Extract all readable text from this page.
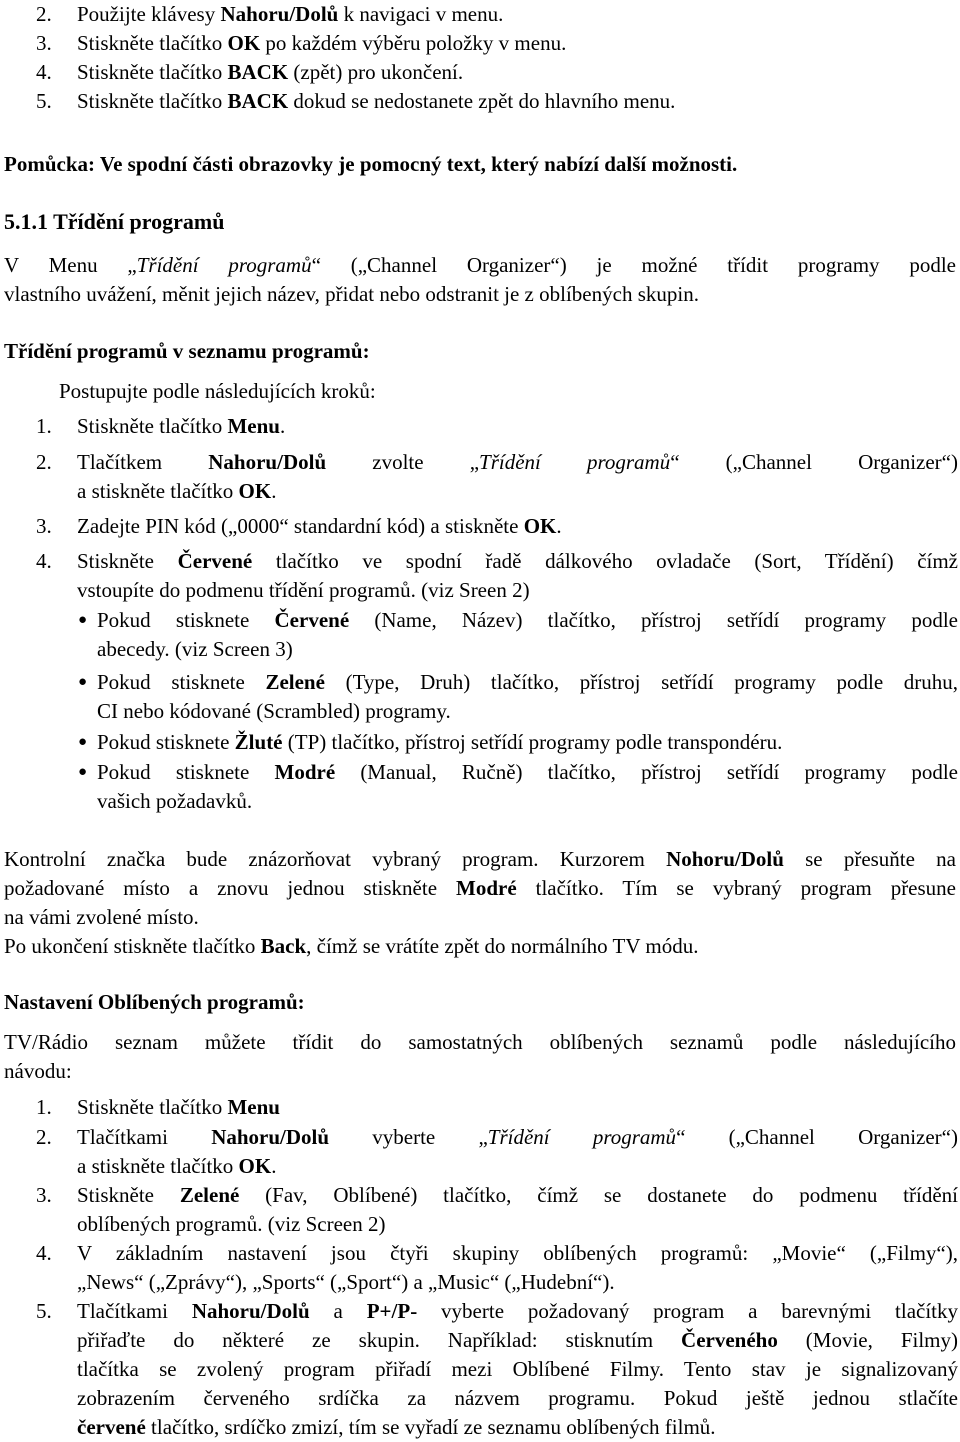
2. Použijte klávesy Nahoru/Dolů k navigaci v menu.
3. Stiskněte tlačítko OK po každém výběru položky v menu.
4. Stiskněte tlačítko BACK (zpět) pro ukončení.
5. Stiskněte tlačítko BACK dokud se nedostanete zpět do hlavního menu.
Pomůcka: Ve spodní části obrazovky je pomocný text, který nabízí další možnosti.
5.1.1 Třídění programů
V Menu „Třídění programů“ („Channel Organizer“) je možné třídit programy podle
vlastního uvážení, měnit jejich název, přidat nebo odstranit je z oblíbených skupin.
Třídění programů v seznamu programů:
Postupujte podle následujících kroků:
1. Stiskněte tlačítko Menu.
2. Tlačítkem Nahoru/Dolů zvolte „Třídění programů“ („Channel Organizer“)
a stiskněte tlačítko OK.
3. Zadejte PIN kód („0000“ standardní kód) a stiskněte OK.
4. Stiskněte Červené tlačítko ve spodní řadě dálkového ovladače (Sort, Třídění) čímž
vstoupíte do podmenu třídění programů. (viz Sreen 2)
● Pokud stisknete Červené (Name, Název) tlačítko, přístroj setřídí programy podle
abecedy. (viz Screen 3)
● Pokud stisknete Zelené (Type, Druh) tlačítko, přístroj setřídí programy podle druhu,
CI nebo kódované (Scrambled) programy.
● Pokud stisknete Žluté (TP) tlačítko, přístroj setřídí programy podle transpondéru.
● Pokud stisknete Modré (Manual, Ručně) tlačítko, přístroj setřídí programy podle
vašich požadavků.
Kontrolní značka bude znázorňovat vybraný program. Kurzorem Nohoru/Dolů se přesuňte na
požadované místo a znovu jednou stiskněte Modré tlačítko. Tím se vybraný program přesune
na vámi zvolené místo.
Po ukončení stiskněte tlačítko Back, čímž se vrátíte zpět do normálního TV módu.
Nastavení Oblíbených programů:
TV/Rádio seznam můžete třídit do samostatných oblíbených seznamů podle následujícího
návodu:
1. Stiskněte tlačítko Menu
2. Tlačítkami Nahoru/Dolů vyberte „Třídění programů“ („Channel Organizer“)
a stiskněte tlačítko OK.
3. Stiskněte Zelené (Fav, Oblíbené) tlačítko, čímž se dostanete do podmenu třídění
oblíbených programů. (viz Screen 2)
4. V základním nastavení jsou čtyři skupiny oblíbených programů: „Movie“ („Filmy“),
„News“ („Zprávy“), „Sports“ („Sport“) a „Music“ („Hudební“).
5. Tlačítkami Nahoru/Dolů a P+/P- vyberte požadovaný program a barevnými tlačítky
přiřaďte do některé ze skupin. Například: stisknutím Červeného (Movie, Filmy)
tlačítka se zvolený program přiřadí mezi Oblíbené Filmy. Tento stav je signalizovaný
zobrazením červeného srdíčka za názvem programu. Pokud ještě jednou stlačíte
červené tlačítko, srdíčko zmizí, tím se vyřadí ze seznamu oblíbených filmů.
